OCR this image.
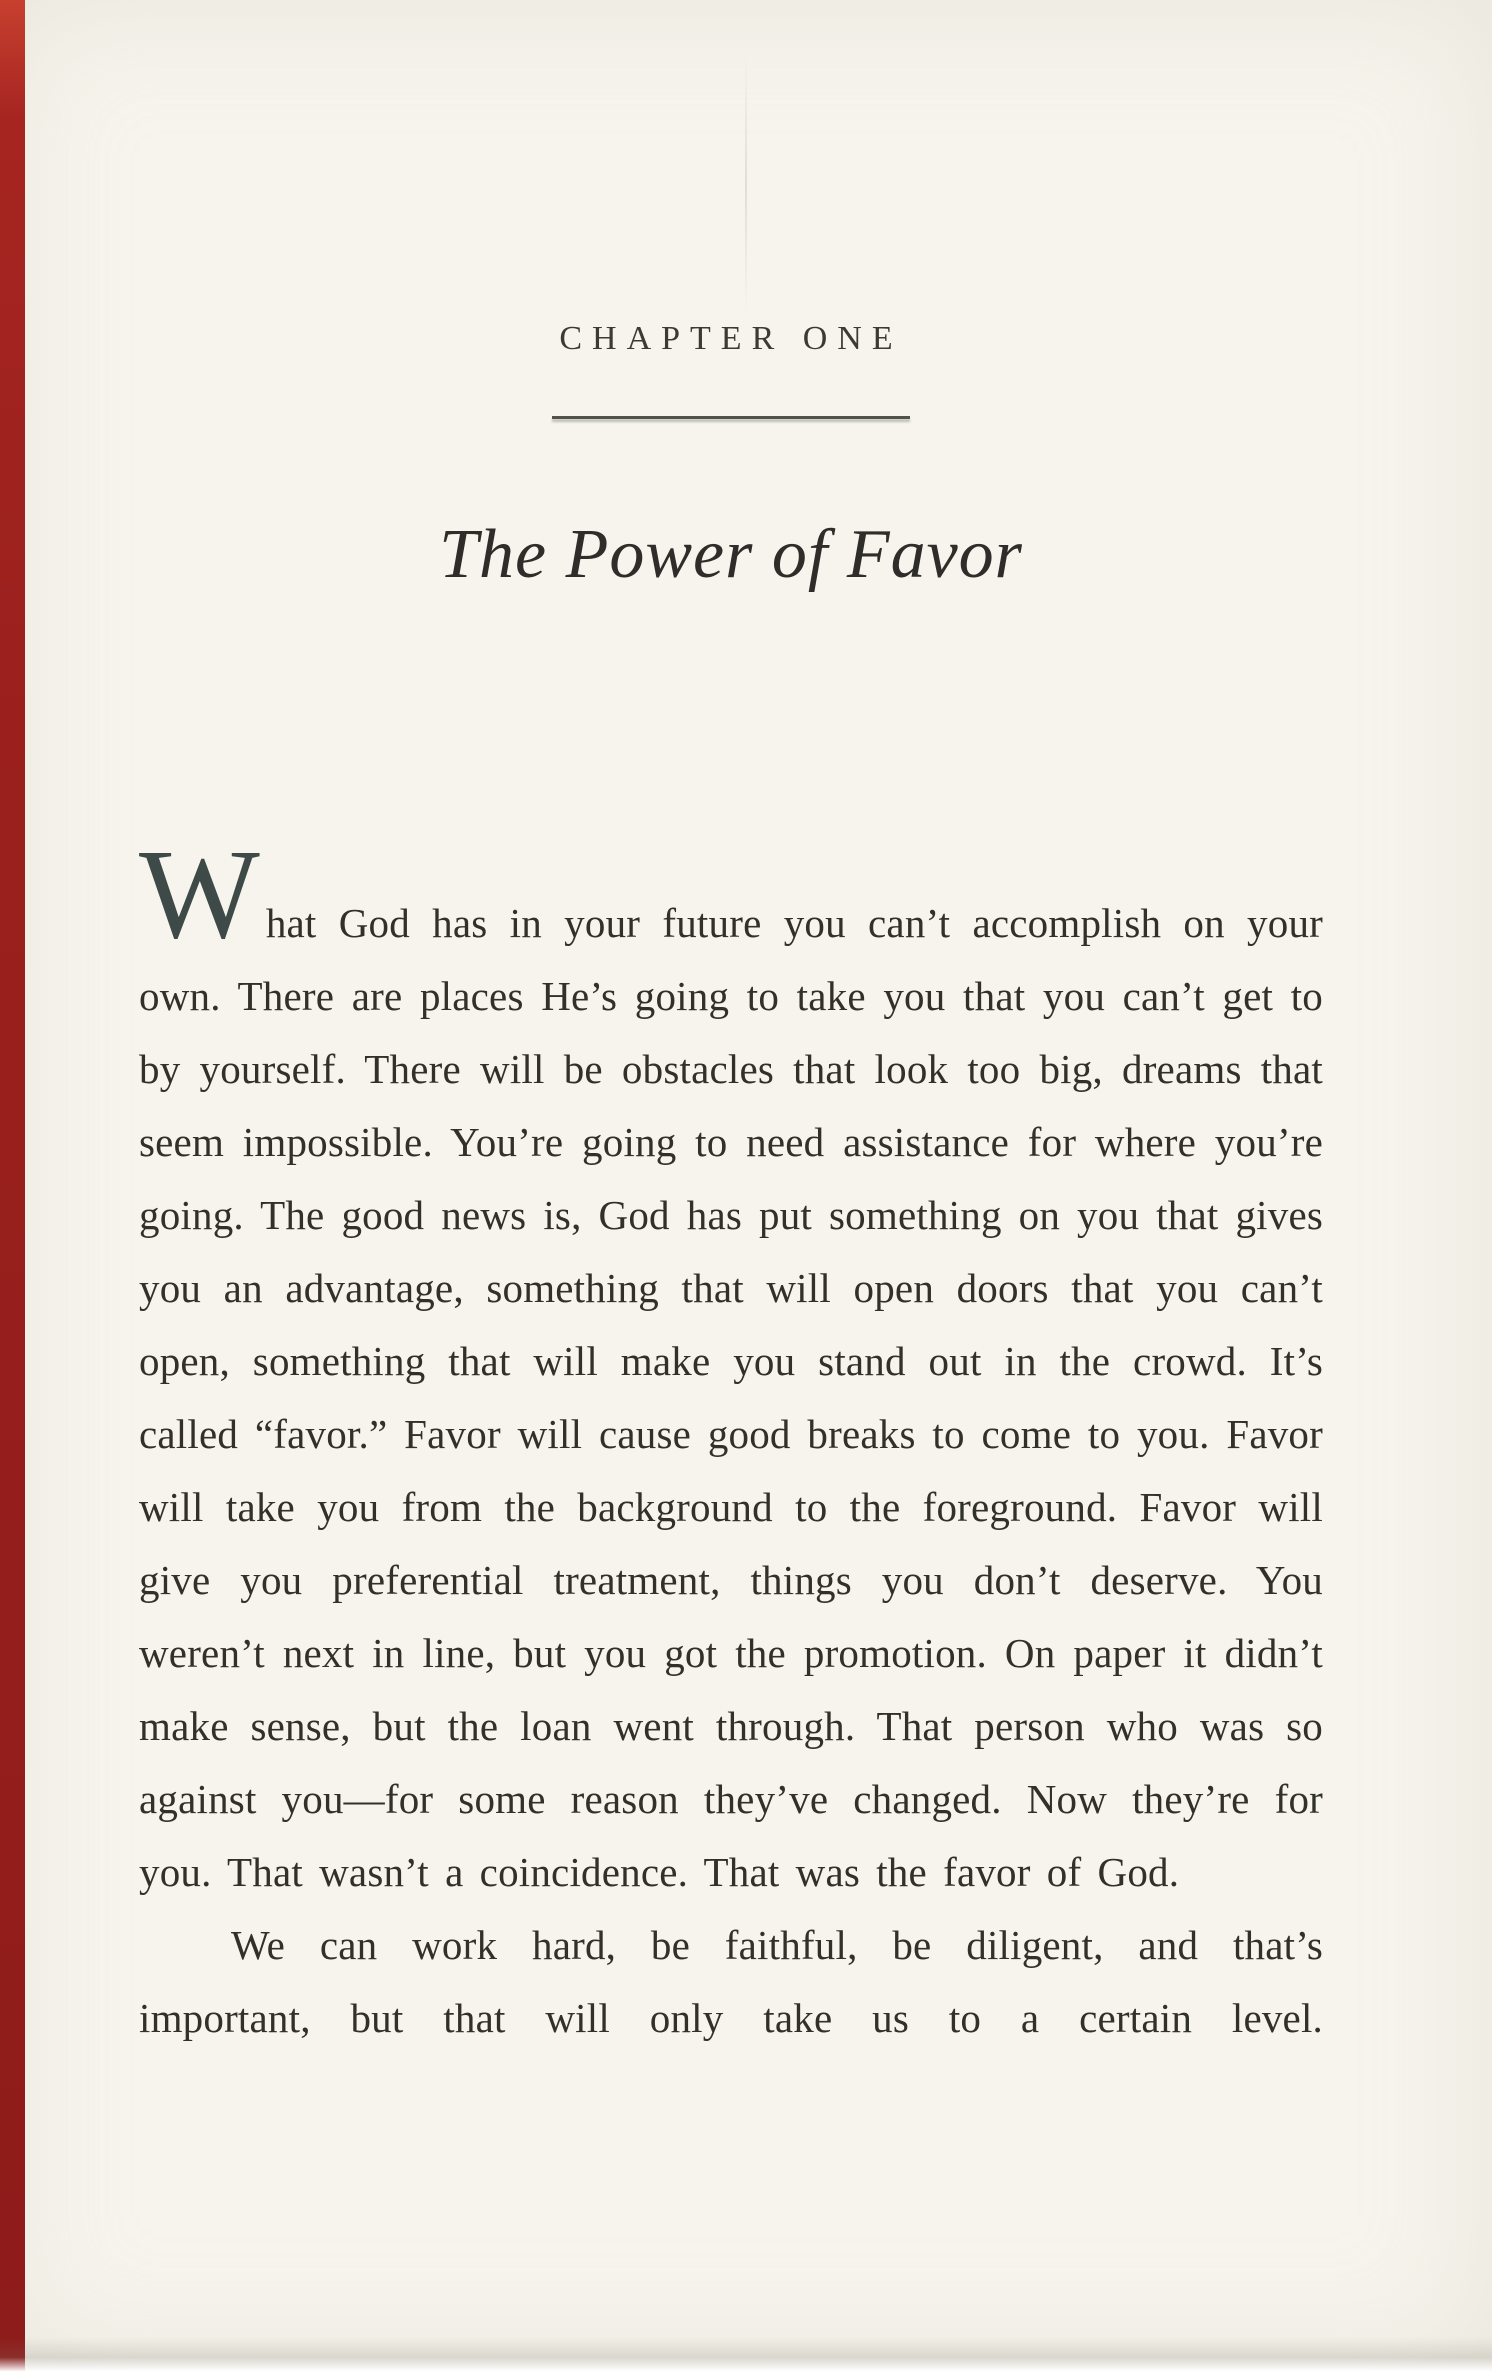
CHAPTER ONE
The Power of Favor

What God has in your future you can’t accomplish on your own. There are places He’s going to take you that you can’t get to by yourself. There will be obstacles that look too big, dreams that seem impossible. You’re going to need assistance for where you’re going. The good news is, God has put something on you that gives you an advantage, something that will open doors that you can’t open, something that will make you stand out in the crowd. It’s called “favor.” Favor will cause good breaks to come to you. Favor will take you from the background to the foreground. Favor will give you preferential treatment, things you don’t deserve. You weren’t next in line, but you got the promotion. On paper it didn’t make sense, but the loan went through. That person who was so against you—for some reason they’ve changed. Now they’re for you. That wasn’t a coincidence. That was the favor of God.

We can work hard, be faithful, be diligent, and that’s important, but that will only take us to a certain level.
